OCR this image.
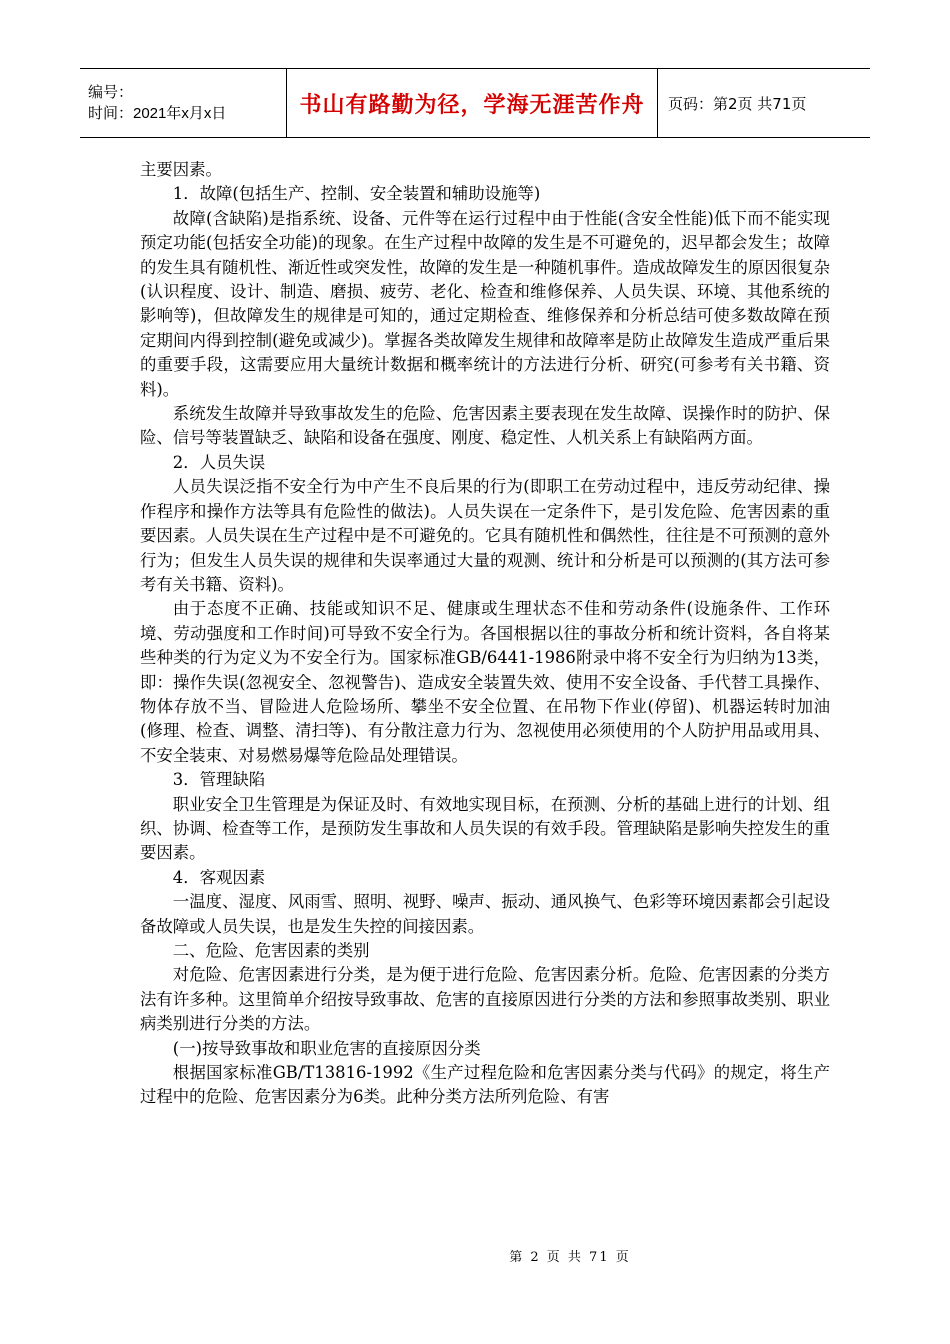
编号：
时间：2021年x月x日	书山有路勤为径，学海无涯苦作舟	页码：第2页 共71页

主要因素。

1．故障(包括生产、控制、安全装置和辅助设施等)

故障(含缺陷)是指系统、设备、元件等在运行过程中由于性能(含安全性能)低下而不能实现预定功能(包括安全功能)的现象。在生产过程中故障的发生是不可避免的，迟早都会发生；故障的发生具有随机性、渐近性或突发性，故障的发生是一种随机事件。造成故障发生的原因很复杂(认识程度、设计、制造、磨损、疲劳、老化、检查和维修保养、人员失误、环境、其他系统的影响等)，但故障发生的规律是可知的，通过定期检查、维修保养和分析总结可使多数故障在预定期间内得到控制(避免或减少)。掌握各类故障发生规律和故障率是防止故障发生造成严重后果的重要手段，这需要应用大量统计数据和概率统计的方法进行分析、研究(可参考有关书籍、资料)。

系统发生故障并导致事故发生的危险、危害因素主要表现在发生故障、误操作时的防护、保险、信号等装置缺乏、缺陷和设备在强度、刚度、稳定性、人机关系上有缺陷两方面。

2．人员失误

人员失误泛指不安全行为中产生不良后果的行为(即职工在劳动过程中，违反劳动纪律、操作程序和操作方法等具有危险性的做法)。人员失误在一定条件下，是引发危险、危害因素的重要因素。人员失误在生产过程中是不可避免的。它具有随机性和偶然性，往往是不可预测的意外行为；但发生人员失误的规律和失误率通过大量的观测、统计和分析是可以预测的(其方法可参考有关书籍、资料)。

由于态度不正确、技能或知识不足、健康或生理状态不佳和劳动条件(设施条件、工作环境、劳动强度和工作时间)可导致不安全行为。各国根据以往的事故分析和统计资料，各自将某些种类的行为定义为不安全行为。国家标准GB/6441-1986附录中将不安全行为归纳为13类，即：操作失误(忽视安全、忽视警告)、造成安全装置失效、使用不安全设备、手代替工具操作、物体存放不当、冒险进人危险场所、攀坐不安全位置、在吊物下作业(停留)、机器运转时加油(修理、检查、调整、清扫等)、有分散注意力行为、忽视使用必须使用的个人防护用品或用具、不安全装束、对易燃易爆等危险品处理错误。

3．管理缺陷

职业安全卫生管理是为保证及时、有效地实现目标，在预测、分析的基础上进行的计划、组织、协调、检查等工作，是预防发生事故和人员失误的有效手段。管理缺陷是影响失控发生的重要因素。

4．客观因素

一温度、湿度、风雨雪、照明、视野、噪声、振动、通风换气、色彩等环境因素都会引起设备故障或人员失误，也是发生失控的间接因素。

二、危险、危害因素的类别

对危险、危害因素进行分类，是为便于进行危险、危害因素分析。危险、危害因素的分类方法有许多种。这里简单介绍按导致事故、危害的直接原因进行分类的方法和参照事故类别、职业病类别进行分类的方法。

(一)按导致事故和职业危害的直接原因分类

根据国家标准GB/T13816-1992《生产过程危险和危害因素分类与代码》的规定，将生产过程中的危险、危害因素分为6类。此种分类方法所列危险、有害

第 2 页 共 71 页
